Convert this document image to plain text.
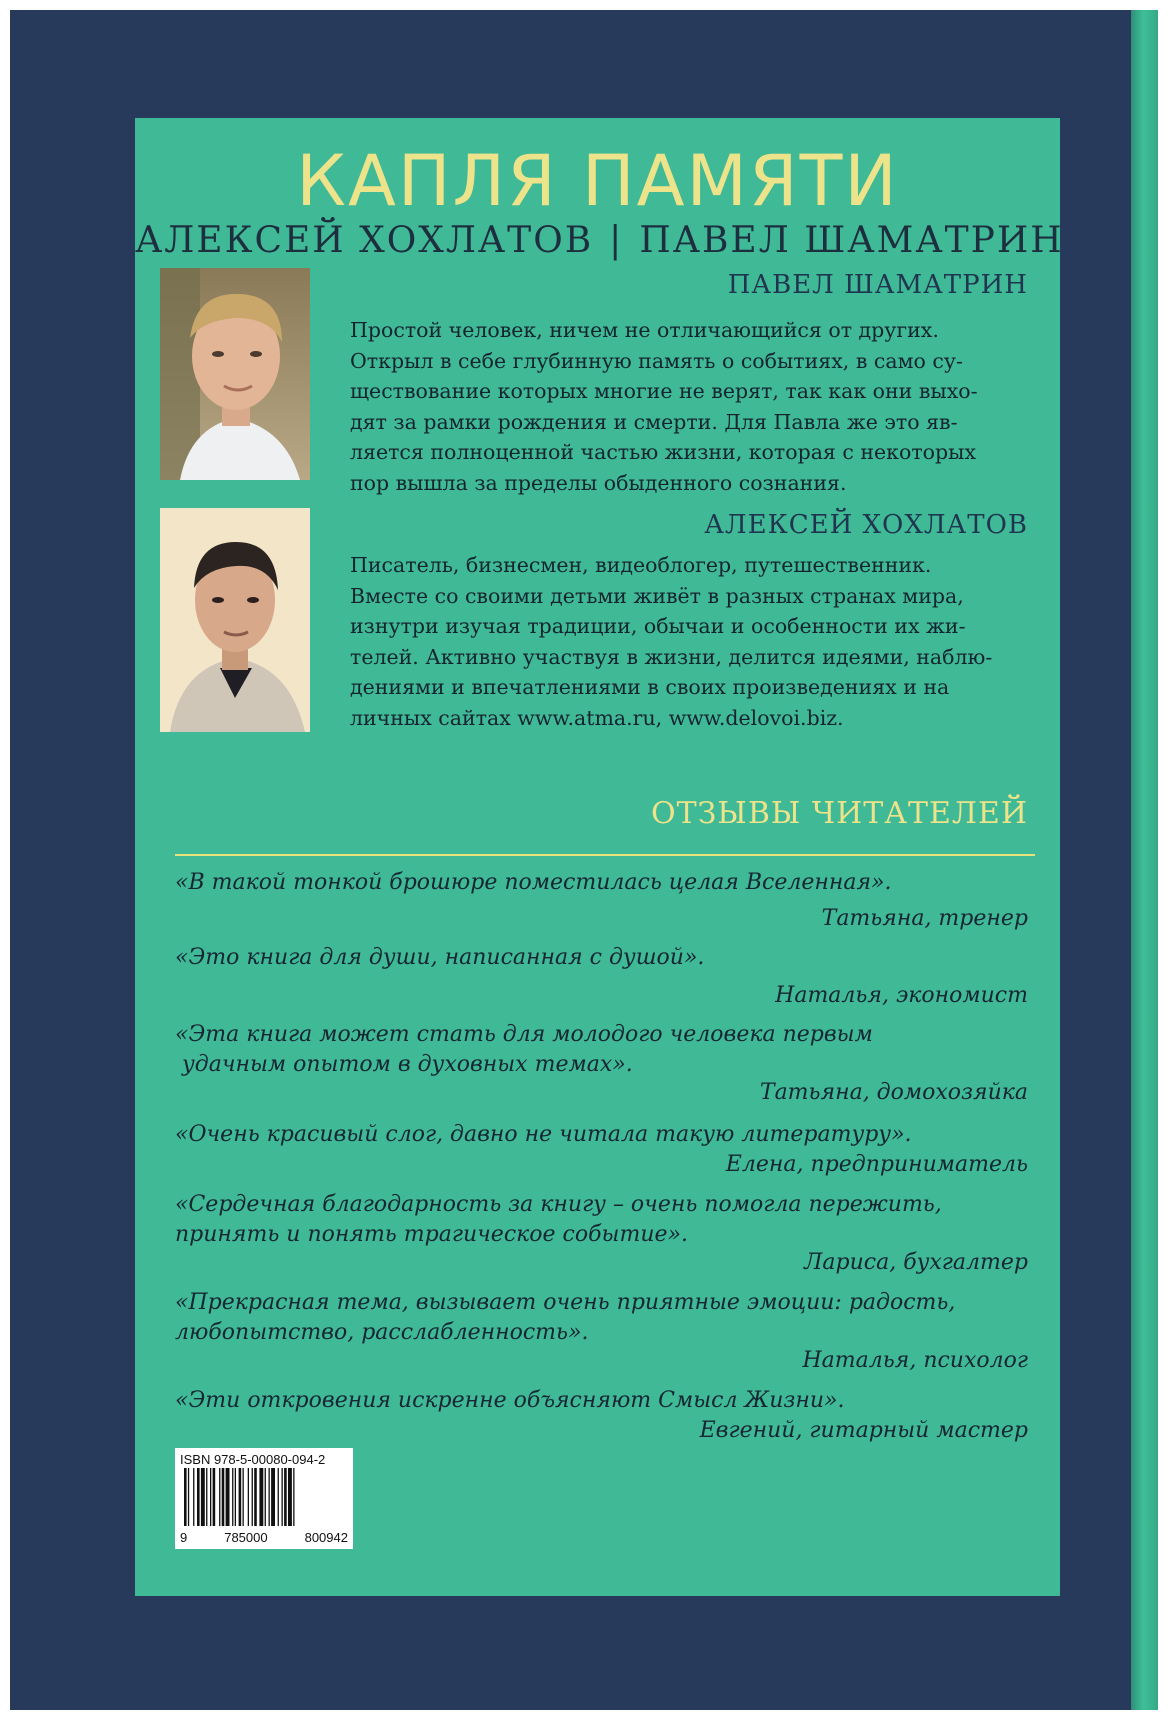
КАПЛЯ ПАМЯТИ
АЛЕКСЕЙ ХОХЛАТОВ | ПАВЕЛ ШАМАТРИН
ПАВЕЛ ШАМАТРИН

Простой человек, ничем не отличающийся от других.

Открыл в себе глубинную память о событиях, в само су-

ществование которых многие не верят, так как они выхо-

дят за рамки рождения и смерти. Для Павла же это яв-

ляется полноценной частью жизни, которая с некоторых

пор вышла за пределы обыденного сознания.

АЛЕКСЕЙ ХОХЛАТОВ

Писатель, бизнесмен, видеоблогер, путешественник.

Вместе со своими детьми живёт в разных странах мира,

изнутри изучая традиции, обычаи и особенности их жи-

телей. Активно участвуя в жизни, делится идеями, наблю-

дениями и впечатлениями в своих произведениях и на

личных сайтах www.atma.ru, www.delovoi.biz.

ОТЗЫВЫ ЧИТАТЕЛЕЙ
«В такой тонкой брошюре поместилась целая Вселенная».
Татьяна, тренер
«Это книга для души, написанная с душой».
Наталья, экономист
«Эта книга может стать для молодого человека первым
удачным опытом в духовных темах».
Татьяна, домохозяйка
«Очень красивый слог, давно не читала такую литературу».
Елена, предприниматель
«Сердечная благодарность за книгу – очень помогла пережить,
принять и понять трагическое событие».
Лариса, бухгалтер
«Прекрасная тема, вызывает очень приятные эмоции: радость,
любопытство, расслабленность».
Наталья, психолог
«Эти откровения искренне объясняют Смысл Жизни».
Евгений, гитарный мастер
ISBN 978-5-00080-094-2
9	785000	800942
